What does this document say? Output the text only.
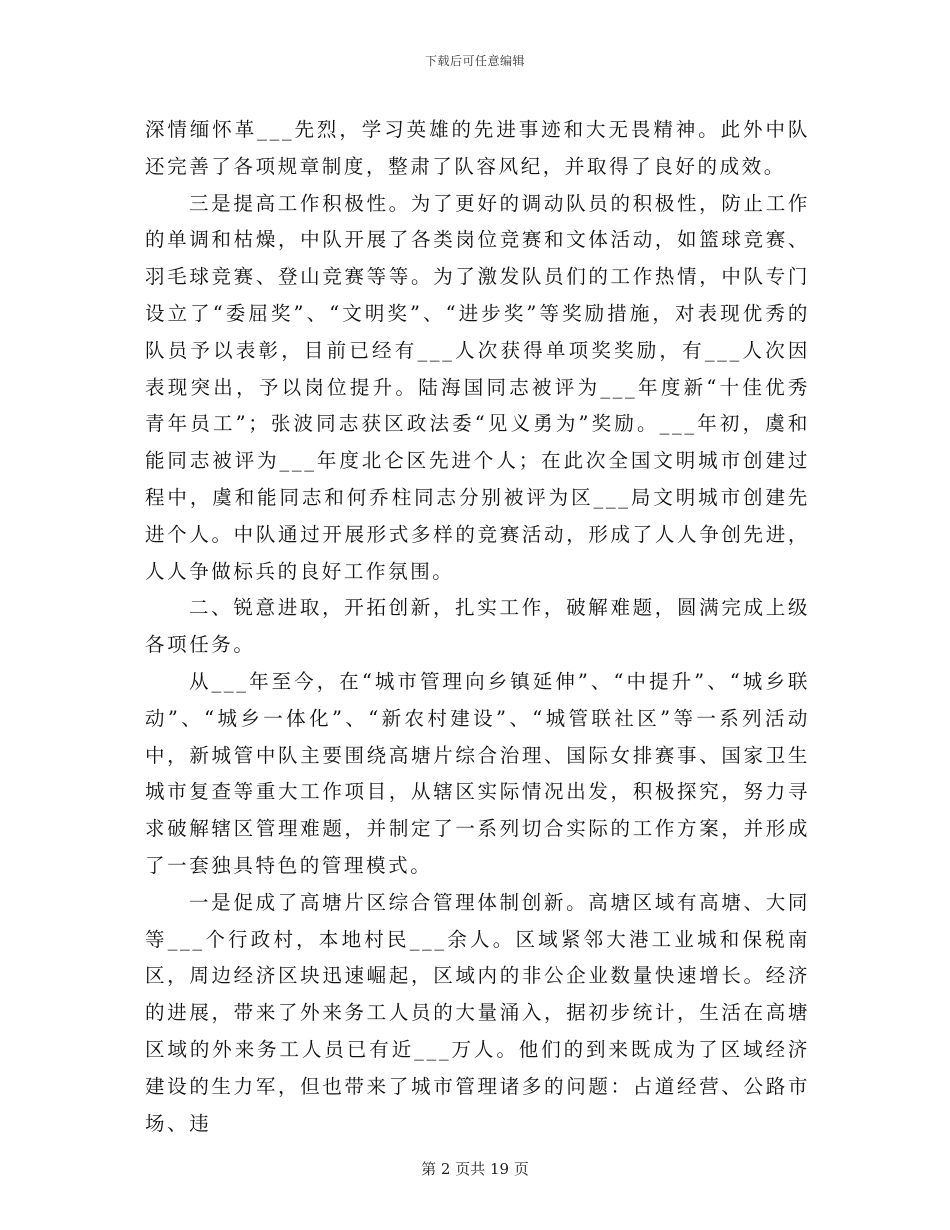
下载后可任意编辑

深情缅怀革___先烈，学习英雄的先进事迹和大无畏精神。此外中队还完善了各项规章制度，整肃了队容风纪，并取得了良好的成效。

三是提高工作积极性。为了更好的调动队员的积极性，防止工作的单调和枯燥，中队开展了各类岗位竞赛和文体活动，如篮球竞赛、羽毛球竞赛、登山竞赛等等。为了激发队员们的工作热情，中队专门设立了“委屈奖”、“文明奖”、“进步奖”等奖励措施，对表现优秀的队员予以表彰，目前已经有___人次获得单项奖奖励，有___人次因表现突出，予以岗位提升。陆海国同志被评为___年度新“十佳优秀青年员工”；张波同志获区政法委“见义勇为”奖励。___年初，虞和能同志被评为___年度北仑区先进个人；在此次全国文明城市创建过程中，虞和能同志和何乔柱同志分别被评为区___局文明城市创建先进个人。中队通过开展形式多样的竞赛活动，形成了人人争创先进，人人争做标兵的良好工作氛围。

二、锐意进取，开拓创新，扎实工作，破解难题，圆满完成上级各项任务。

从___年至今，在“城市管理向乡镇延伸”、“中提升”、“城乡联动”、“城乡一体化”、“新农村建设”、“城管联社区”等一系列活动中，新城管中队主要围绕高塘片综合治理、国际女排赛事、国家卫生城市复查等重大工作项目，从辖区实际情况出发，积极探究，努力寻求破解辖区管理难题，并制定了一系列切合实际的工作方案，并形成了一套独具特色的管理模式。

一是促成了高塘片区综合管理体制创新。高塘区域有高塘、大同等___个行政村，本地村民___余人。区域紧邻大港工业城和保税南区，周边经济区块迅速崛起，区域内的非公企业数量快速增长。经济的进展，带来了外来务工人员的大量涌入，据初步统计，生活在高塘区域的外来务工人员已有近___万人。他们的到来既成为了区域经济建设的生力军，但也带来了城市管理诸多的问题：占道经营、公路市场、违

第 2 页共 19 页
